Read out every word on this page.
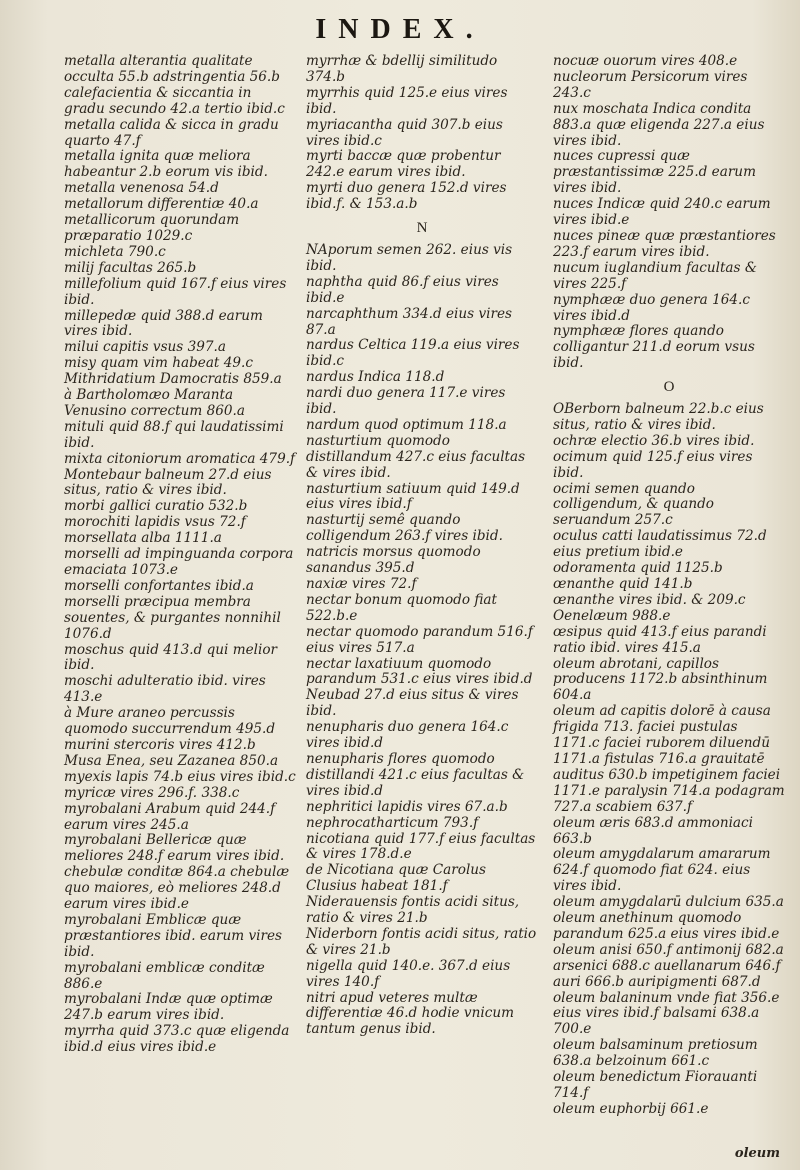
INDEX.

metalla alterantia qualitate occulta 55.b adstringentia 56.b calefacientia & siccantia in gradu secundo 42.a tertio ibid.c

metalla calida & sicca in gradu quarto 47.f

metalla ignita quæ meliora habeantur 2.b eorum vis ibid.

metalla venenosa 54.d

metallorum differentiæ 40.a

metallicorum quorundam præparatio 1029.c

michleta 790.c

milij facultas 265.b

millefolium quid 167.f eius vires ibid.

millepedæ quid 388.d earum vires ibid.

milui capitis vsus 397.a

misy quam vim habeat 49.c

Mithridatium Damocratis 859.a

à Bartholomæo Maranta Venusino correctum 860.a

mituli quid 88.f qui laudatissimi ibid.

mixta citoniorum aromatica 479.f

Montebaur balneum 27.d eius situs, ratio & vires ibid.

morbi gallici curatio 532.b

morochiti lapidis vsus 72.f

morsellata alba 1111.a

morselli ad impinguanda corpora emaciata 1073.e

morselli confortantes ibid.a

morselli præcipua membra souentes, & purgantes nonnihil 1076.d

moschus quid 413.d qui melior ibid.

moschi adulteratio ibid. vires 413.e

à Mure araneo percussis quomodo succurrendum 495.d

murini stercoris vires 412.b

Musa Enea, seu Zazanea 850.a

myexis lapis 74.b eius vires ibid.c

myricæ vires 296.f. 338.c

myrobalani Arabum quid 244.f earum vires 245.a

myrobalani Bellericæ quæ meliores 248.f earum vires ibid. chebulæ conditæ 864.a chebulæ quo maiores, eò meliores 248.d earum vires ibid.e

myrobalani Emblicæ quæ præstantiores ibid. earum vires ibid.

myrobalani emblicæ conditæ 886.e

myrobalani Indæ quæ optimæ 247.b earum vires ibid.

myrrha quid 373.c quæ eligenda ibid.d eius vires ibid.e

myrrhæ & bdellij similitudo 374.b

myrrhis quid 125.e eius vires ibid.

myriacantha quid 307.b eius vires ibid.c

myrti baccæ quæ probentur 242.e earum vires ibid.

myrti duo genera 152.d vires ibid.f. & 153.a.b

N

NAporum semen 262. eius vis ibid.

naphtha quid 86.f eius vires ibid.e

narcaphthum 334.d eius vires 87.a

nardus Celtica 119.a eius vires ibid.c

nardus Indica 118.d

nardi duo genera 117.e vires ibid.

nardum quod optimum 118.a

nasturtium quomodo distillandum 427.c eius facultas & vires ibid.

nasturtium satiuum quid 149.d eius vires ibid.f

nasturtij semê quando colligendum 263.f vires ibid.

natricis morsus quomodo sanandus 395.d

naxiæ vires 72.f

nectar bonum quomodo fiat 522.b.e

nectar quomodo parandum 516.f eius vires 517.a

nectar laxatiuum quomodo parandum 531.c eius vires ibid.d

Neubad 27.d eius situs & vires ibid.

nenupharis duo genera 164.c vires ibid.d

nenupharis flores quomodo distillandi 421.c eius facultas & vires ibid.d

nephritici lapidis vires 67.a.b

nephrocatharticum 793.f

nicotiana quid 177.f eius facultas & vires 178.d.e

de Nicotiana quæ Carolus Clusius habeat 181.f

Niderauensis fontis acidi situs, ratio & vires 21.b

Niderborn fontis acidi situs, ratio & vires 21.b

nigella quid 140.e. 367.d eius vires 140.f

nitri apud veteres multæ differentiæ 46.d hodie vnicum tantum genus ibid.

nocuæ ouorum vires 408.e

nucleorum Persicorum vires 243.c

nux moschata Indica condita 883.a quæ eligenda 227.a eius vires ibid.

nuces cupressi quæ præstantissimæ 225.d earum vires ibid.

nuces Indicæ quid 240.c earum vires ibid.e

nuces pineæ quæ præstantiores 223.f earum vires ibid.

nucum iuglandium facultas & vires 225.f

nymphææ duo genera 164.c vires ibid.d

nymphææ flores quando colligantur 211.d eorum vsus ibid.

O

OBerborn balneum 22.b.c eius situs, ratio & vires ibid.

ochræ electio 36.b vires ibid.

ocimum quid 125.f eius vires ibid.

ocimi semen quando colligendum, & quando seruandum 257.c

oculus catti laudatissimus 72.d eius pretium ibid.e

odoramenta quid 1125.b

œnanthe quid 141.b

œnanthe vires ibid. & 209.c

Oenelæum 988.e

œsipus quid 413.f eius parandi ratio ibid. vires 415.a

oleum abrotani, capillos producens 1172.b absinthinum 604.a

oleum ad capitis dolorē à causa frigida 713. faciei pustulas 1171.c faciei ruborem diluendū 1171.a fistulas 716.a grauitatē auditus 630.b impetiginem faciei 1171.e paralysin 714.a podagram 727.a scabiem 637.f

oleum æris 683.d ammoniaci 663.b

oleum amygdalarum amararum 624.f quomodo fiat 624. eius vires ibid.

oleum amygdalarū dulcium 635.a

oleum anethinum quomodo parandum 625.a eius vires ibid.e

oleum anisi 650.f antimonij 682.a arsenici 688.c auellanarum 646.f auri 666.b auripigmenti 687.d

oleum balaninum vnde fiat 356.e eius vires ibid.f balsami 638.a 700.e

oleum balsaminum pretiosum 638.a belzoinum 661.c

oleum benedictum Fiorauanti 714.f

oleum euphorbij 661.e

oleum
